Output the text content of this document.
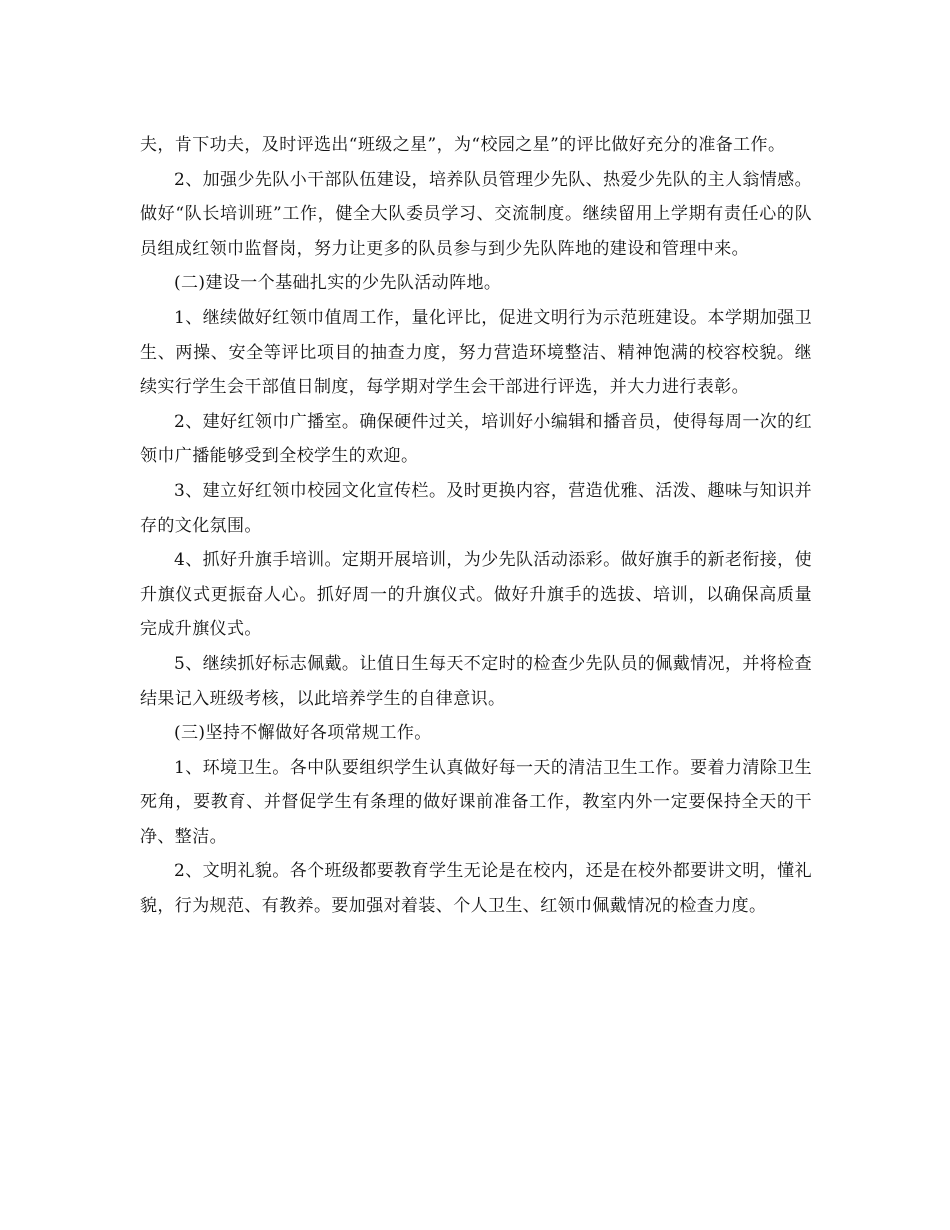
夫，肯下功夫，及时评选出“班级之星”，为“校园之星”的评比做好充分的准备工作。

2、加强少先队小干部队伍建设，培养队员管理少先队、热爱少先队的主人翁情感。做好“队长培训班”工作，健全大队委员学习、交流制度。继续留用上学期有责任心的队员组成红领巾监督岗，努力让更多的队员参与到少先队阵地的建设和管理中来。

(二)建设一个基础扎实的少先队活动阵地。

1、继续做好红领巾值周工作，量化评比，促进文明行为示范班建设。本学期加强卫生、两操、安全等评比项目的抽查力度，努力营造环境整洁、精神饱满的校容校貌。继续实行学生会干部值日制度，每学期对学生会干部进行评选，并大力进行表彰。

2、建好红领巾广播室。确保硬件过关，培训好小编辑和播音员，使得每周一次的红领巾广播能够受到全校学生的欢迎。

3、建立好红领巾校园文化宣传栏。及时更换内容，营造优雅、活泼、趣味与知识并存的文化氛围。

4、抓好升旗手培训。定期开展培训，为少先队活动添彩。做好旗手的新老衔接，使升旗仪式更振奋人心。抓好周一的升旗仪式。做好升旗手的选拔、培训，以确保高质量完成升旗仪式。

5、继续抓好标志佩戴。让值日生每天不定时的检查少先队员的佩戴情况，并将检查结果记入班级考核，以此培养学生的自律意识。

(三)坚持不懈做好各项常规工作。

1、环境卫生。各中队要组织学生认真做好每一天的清洁卫生工作。要着力清除卫生死角，要教育、并督促学生有条理的做好课前准备工作，教室内外一定要保持全天的干净、整洁。

2、文明礼貌。各个班级都要教育学生无论是在校内，还是在校外都要讲文明，懂礼貌，行为规范、有教养。要加强对着装、个人卫生、红领巾佩戴情况的检查力度。
